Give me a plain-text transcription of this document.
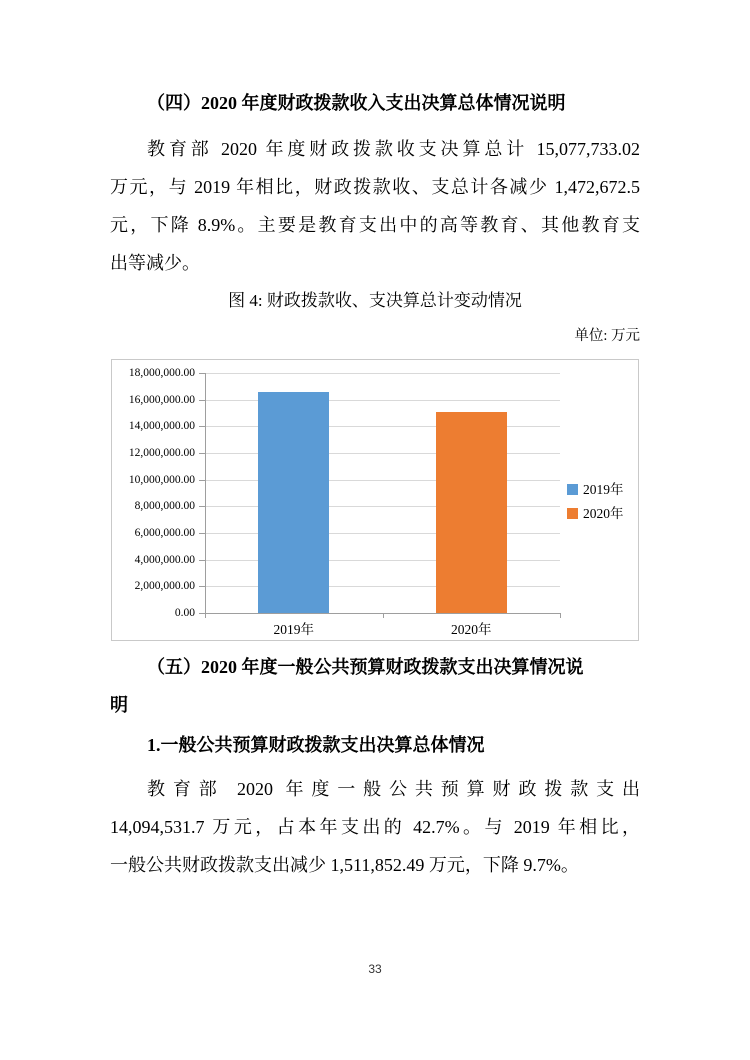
（四）2020 年度财政拨款收入支出决算总体情况说明
教育部 2020 年度财政拨款收支决算总计 15,077,733.02
万元，与 2019 年相比，财政拨款收、支总计各减少 1,472,672.5
元，下降 8.9%。主要是教育支出中的高等教育、其他教育支
出等减少。
图 4: 财政拨款收、支决算总计变动情况
单位: 万元
18,000,000.00
16,000,000.00
14,000,000.00
12,000,000.00
10,000,000.00
8,000,000.00
6,000,000.00
4,000,000.00
2,000,000.00
0.00
2019年	2020年
2019年
2020年
（五）2020 年度一般公共预算财政拨款支出决算情况说
明
1.一般公共预算财政拨款支出决算总体情况
教育部 2020 年度一般公共预算财政拨款支出
14,094,531.7 万元，占本年支出的 42.7%。与 2019 年相比，
一般公共财政拨款支出减少 1,511,852.49 万元，下降 9.7%。
33
